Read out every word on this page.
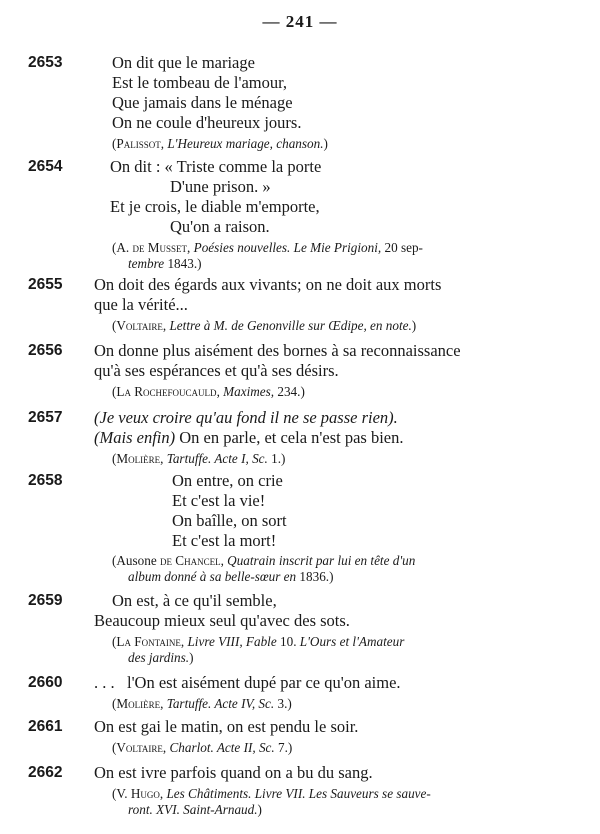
— 241 —
2653	On dit que le mariage
Est le tombeau de l'amour,
Que jamais dans le ménage
On ne coule d'heureux jours.
(Palissot, L'Heureux mariage, chanson.)
2654	On dit : « Triste comme la porte
D'une prison. »
Et je crois, le diable m'emporte,
Qu'on a raison.
(A. de Musset, Poésies nouvelles. Le Mie Prigioni, 20 sep-
tembre 1843.)
2655 On doit des égards aux vivants; on ne doit aux morts
que la vérité...
(Voltaire, Lettre à M. de Genonville sur Œdipe, en note.)
2656 On donne plus aisément des bornes à sa reconnaissance
qu'à ses espérances et qu'à ses désirs.
(La Rochefoucauld, Maximes, 234.)
2657 (Je veux croire qu'au fond il ne se passe rien).
(Mais enfin) On en parle, et cela n'est pas bien.
(Molière, Tartuffe. Acte I, Sc. 1.)
2658	On entre, on crie
Et c'est la vie!
On baîlle, on sort
Et c'est la mort!
(Ausone de Chancel, Quatrain inscrit par lui en tête d'un
album donné à sa belle-sœur en 1836.)
2659	On est, à ce qu'il semble,
Beaucoup mieux seul qu'avec des sots.
(La Fontaine, Livre VIII, Fable 10. L'Ours et l'Amateur
des jardins.)
2660 . . .   l'On est aisément dupé par ce qu'on aime.
(Molière, Tartuffe. Acte IV, Sc. 3.)
2661 On est gai le matin, on est pendu le soir.
(Voltaire, Charlot. Acte II, Sc. 7.)
2662 On est ivre parfois quand on a bu du sang.
(V. Hugo, Les Châtiments. Livre VII. Les Sauveurs se sauve-
ront. XVI. Saint-Arnaud.)
